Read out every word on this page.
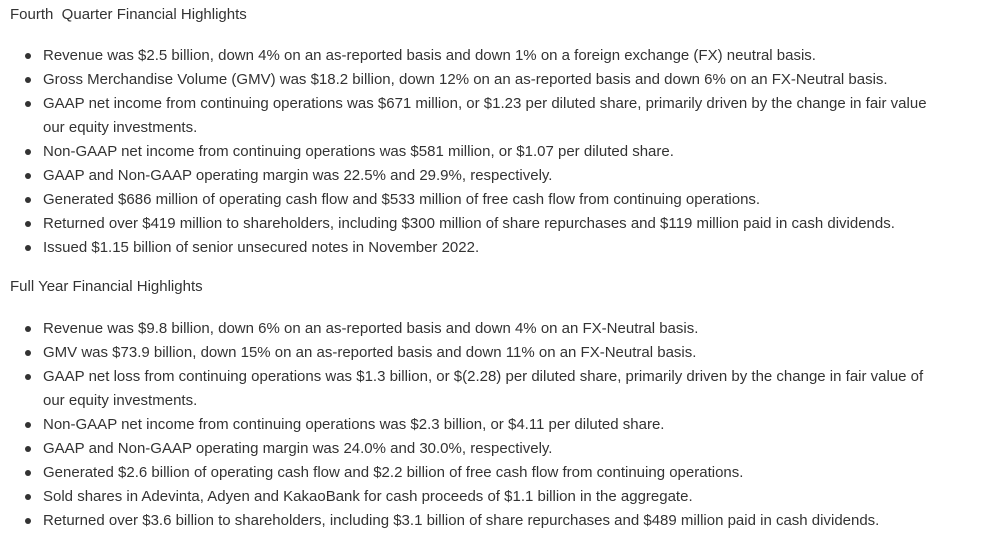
Fourth  Quarter Financial Highlights
Revenue was $2.5 billion, down 4% on an as-reported basis and down 1% on a foreign exchange (FX) neutral basis.
Gross Merchandise Volume (GMV) was $18.2 billion, down 12% on an as-reported basis and down 6% on an FX-Neutral basis.
GAAP net income from continuing operations was $671 million, or $1.23 per diluted share, primarily driven by the change in fair value
our equity investments.
Non-GAAP net income from continuing operations was $581 million, or $1.07 per diluted share.
GAAP and Non-GAAP operating margin was 22.5% and 29.9%, respectively.
Generated $686 million of operating cash flow and $533 million of free cash flow from continuing operations.
Returned over $419 million to shareholders, including $300 million of share repurchases and $119 million paid in cash dividends.
Issued $1.15 billion of senior unsecured notes in November 2022.
Full Year Financial Highlights
Revenue was $9.8 billion, down 6% on an as-reported basis and down 4% on an FX-Neutral basis.
GMV was $73.9 billion, down 15% on an as-reported basis and down 11% on an FX-Neutral basis.
GAAP net loss from continuing operations was $1.3 billion, or $(2.28) per diluted share, primarily driven by the change in fair value of
our equity investments.
Non-GAAP net income from continuing operations was $2.3 billion, or $4.11 per diluted share.
GAAP and Non-GAAP operating margin was 24.0% and 30.0%, respectively.
Generated $2.6 billion of operating cash flow and $2.2 billion of free cash flow from continuing operations.
Sold shares in Adevinta, Adyen and KakaoBank for cash proceeds of $1.1 billion in the aggregate.
Returned over $3.6 billion to shareholders, including $3.1 billion of share repurchases and $489 million paid in cash dividends.
